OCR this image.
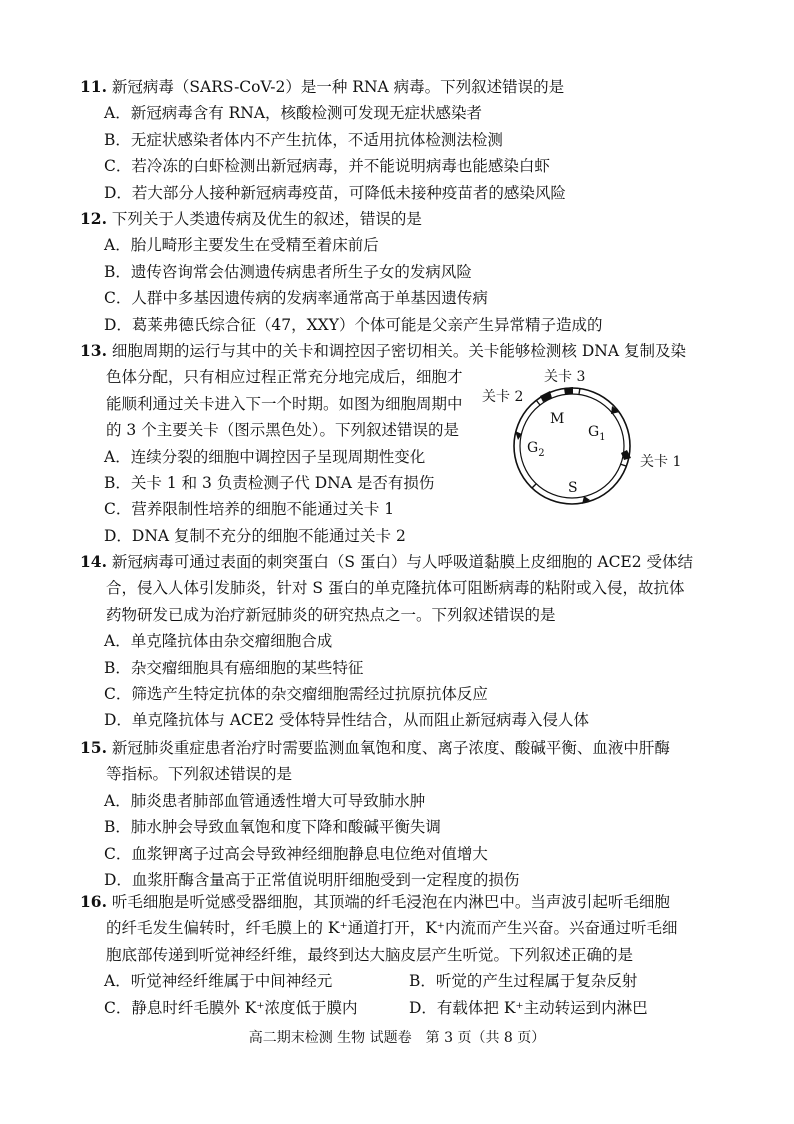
11. 新冠病毒（SARS-CoV-2）是一种 RNA 病毒。下列叙述错误的是
A．新冠病毒含有 RNA，核酸检测可发现无症状感染者
B．无症状感染者体内不产生抗体，不适用抗体检测法检测
C．若冷冻的白虾检测出新冠病毒，并不能说明病毒也能感染白虾
D．若大部分人接种新冠病毒疫苗，可降低未接种疫苗者的感染风险
12. 下列关于人类遗传病及优生的叙述，错误的是
A．胎儿畸形主要发生在受精至着床前后
B．遗传咨询常会估测遗传病患者所生子女的发病风险
C．人群中多基因遗传病的发病率通常高于单基因遗传病
D．葛莱弗德氏综合征（47，XXY）个体可能是父亲产生异常精子造成的
13. 细胞周期的运行与其中的关卡和调控因子密切相关。关卡能够检测核 DNA 复制及染
色体分配，只有相应过程正常充分地完成后，细胞才
能顺利通过关卡进入下一个时期。如图为细胞周期中
的 3 个主要关卡（图示黑色处）。下列叙述错误的是
A．连续分裂的细胞中调控因子呈现周期性变化
B．关卡 1 和 3 负责检测子代 DNA 是否有损伤
C．营养限制性培养的细胞不能通过关卡 1
D．DNA 复制不充分的细胞不能通过关卡 2
关卡 3
关卡 2
关卡 1
M
$G_1$
$G_2$
S
14. 新冠病毒可通过表面的刺突蛋白（S 蛋白）与人呼吸道黏膜上皮细胞的 ACE2 受体结
合，侵入人体引发肺炎，针对 S 蛋白的单克隆抗体可阻断病毒的粘附或入侵，故抗体
药物研发已成为治疗新冠肺炎的研究热点之一。下列叙述错误的是
A．单克隆抗体由杂交瘤细胞合成
B．杂交瘤细胞具有癌细胞的某些特征
C．筛选产生特定抗体的杂交瘤细胞需经过抗原抗体反应
D．单克隆抗体与 ACE2 受体特异性结合，从而阻止新冠病毒入侵人体
15. 新冠肺炎重症患者治疗时需要监测血氧饱和度、离子浓度、酸碱平衡、血液中肝酶
等指标。下列叙述错误的是
A．肺炎患者肺部血管通透性增大可导致肺水肿
B．肺水肿会导致血氧饱和度下降和酸碱平衡失调
C．血浆钾离子过高会导致神经细胞静息电位绝对值增大
D．血浆肝酶含量高于正常值说明肝细胞受到一定程度的损伤
16. 听毛细胞是听觉感受器细胞，其顶端的纤毛浸泡在内淋巴中。当声波引起听毛细胞
的纤毛发生偏转时，纤毛膜上的 K⁺通道打开，K⁺内流而产生兴奋。兴奋通过听毛细
胞底部传递到听觉神经纤维，最终到达大脑皮层产生听觉。下列叙述正确的是
A．听觉神经纤维属于中间神经元	B．听觉的产生过程属于复杂反射
C．静息时纤毛膜外 K⁺浓度低于膜内	D．有载体把 K⁺主动转运到内淋巴
高二期末检测 生物 试题卷　第 3 页（共 8 页）
